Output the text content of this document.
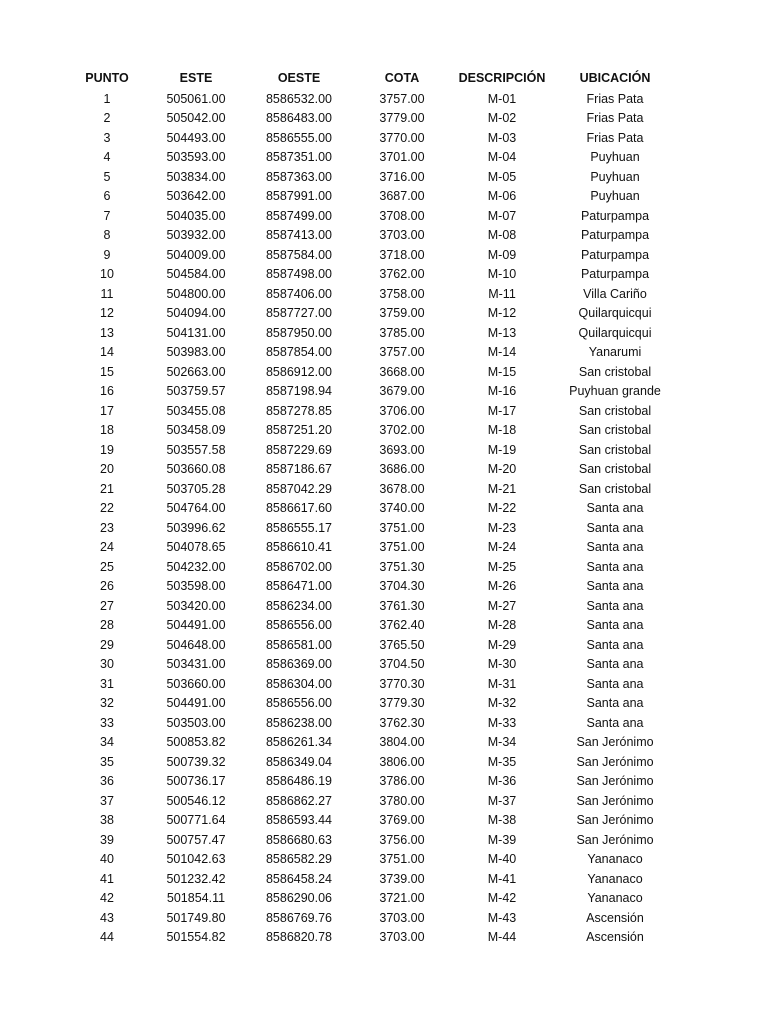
PUNTO	ESTE	OESTE	COTA	DESCRIPCIÓN	UBICACIÓN
1	505061.00	8586532.00	3757.00	M-01	Frias Pata
2	505042.00	8586483.00	3779.00	M-02	Frias Pata
3	504493.00	8586555.00	3770.00	M-03	Frias Pata
4	503593.00	8587351.00	3701.00	M-04	Puyhuan
5	503834.00	8587363.00	3716.00	M-05	Puyhuan
6	503642.00	8587991.00	3687.00	M-06	Puyhuan
7	504035.00	8587499.00	3708.00	M-07	Paturpampa
8	503932.00	8587413.00	3703.00	M-08	Paturpampa
9	504009.00	8587584.00	3718.00	M-09	Paturpampa
10	504584.00	8587498.00	3762.00	M-10	Paturpampa
11	504800.00	8587406.00	3758.00	M-11	Villa Cariño
12	504094.00	8587727.00	3759.00	M-12	Quilarquicqui
13	504131.00	8587950.00	3785.00	M-13	Quilarquicqui
14	503983.00	8587854.00	3757.00	M-14	Yanarumi
15	502663.00	8586912.00	3668.00	M-15	San cristobal
16	503759.57	8587198.94	3679.00	M-16	Puyhuan grande
17	503455.08	8587278.85	3706.00	M-17	San cristobal
18	503458.09	8587251.20	3702.00	M-18	San cristobal
19	503557.58	8587229.69	3693.00	M-19	San cristobal
20	503660.08	8587186.67	3686.00	M-20	San cristobal
21	503705.28	8587042.29	3678.00	M-21	San cristobal
22	504764.00	8586617.60	3740.00	M-22	Santa ana
23	503996.62	8586555.17	3751.00	M-23	Santa ana
24	504078.65	8586610.41	3751.00	M-24	Santa ana
25	504232.00	8586702.00	3751.30	M-25	Santa ana
26	503598.00	8586471.00	3704.30	M-26	Santa ana
27	503420.00	8586234.00	3761.30	M-27	Santa ana
28	504491.00	8586556.00	3762.40	M-28	Santa ana
29	504648.00	8586581.00	3765.50	M-29	Santa ana
30	503431.00	8586369.00	3704.50	M-30	Santa ana
31	503660.00	8586304.00	3770.30	M-31	Santa ana
32	504491.00	8586556.00	3779.30	M-32	Santa ana
33	503503.00	8586238.00	3762.30	M-33	Santa ana
34	500853.82	8586261.34	3804.00	M-34	San Jerónimo
35	500739.32	8586349.04	3806.00	M-35	San Jerónimo
36	500736.17	8586486.19	3786.00	M-36	San Jerónimo
37	500546.12	8586862.27	3780.00	M-37	San Jerónimo
38	500771.64	8586593.44	3769.00	M-38	San Jerónimo
39	500757.47	8586680.63	3756.00	M-39	San Jerónimo
40	501042.63	8586582.29	3751.00	M-40	Yananaco
41	501232.42	8586458.24	3739.00	M-41	Yananaco
42	501854.11	8586290.06	3721.00	M-42	Yananaco
43	501749.80	8586769.76	3703.00	M-43	Ascensión
44	501554.82	8586820.78	3703.00	M-44	Ascensión
